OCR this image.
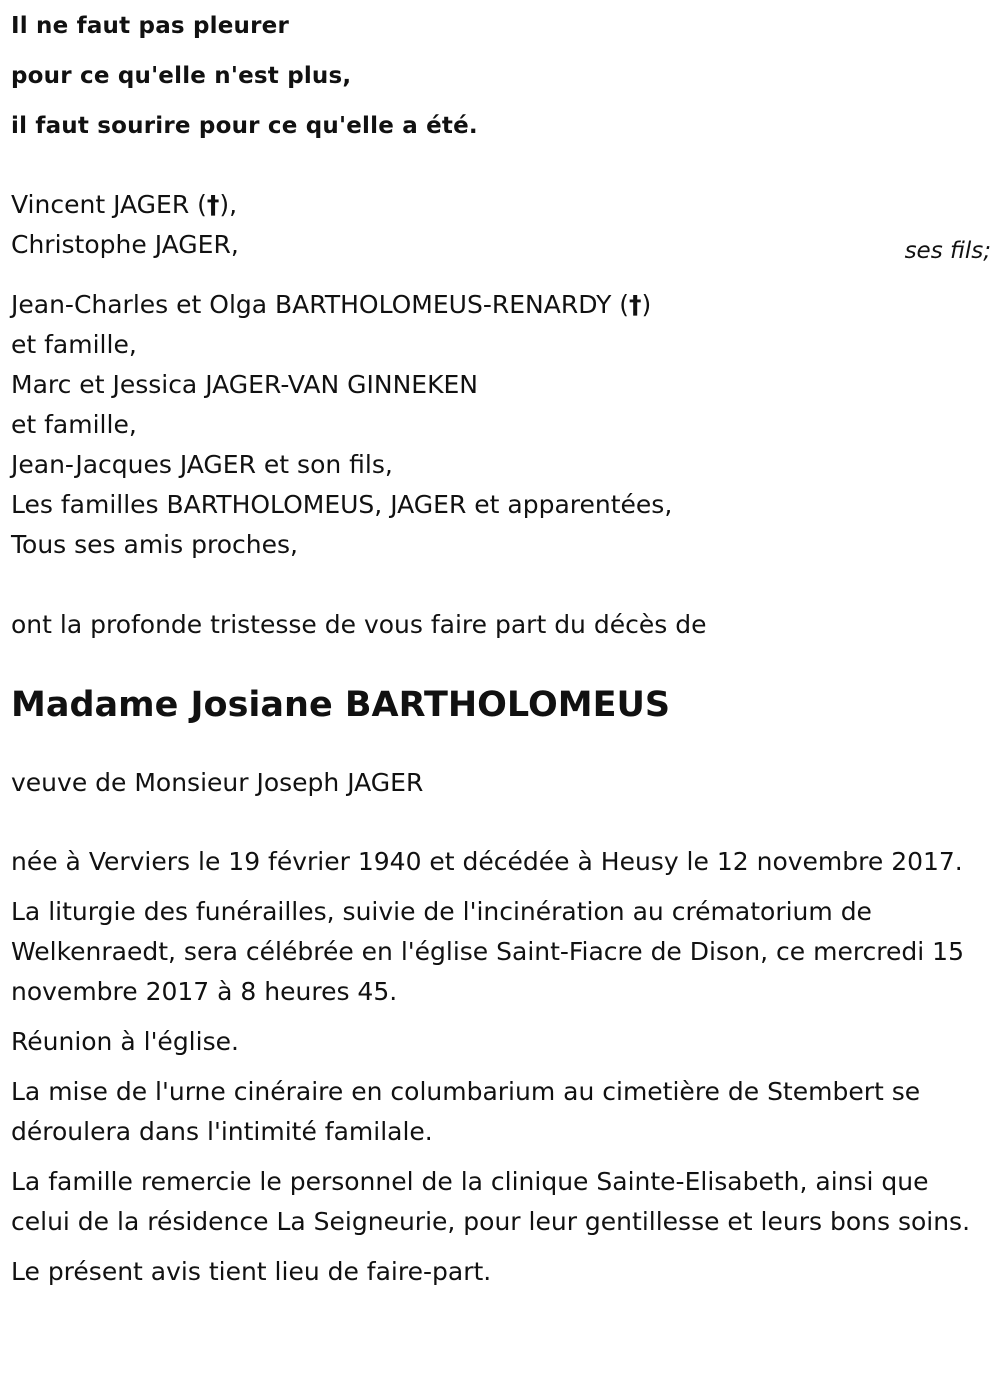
Il ne faut pas pleurer

pour ce qu'elle n'est plus,

il faut sourire pour ce qu'elle a été.

Vincent JAGER (†),

Christophe JAGER,	ses fils;

Jean-Charles et Olga BARTHOLOMEUS-RENARDY (†)

et famille,

Marc et Jessica JAGER-VAN GINNEKEN

et famille,

Jean-Jacques JAGER et son fils,

Les familles BARTHOLOMEUS, JAGER et apparentées,

Tous ses amis proches,

ont la profonde tristesse de vous faire part du décès de

Madame Josiane BARTHOLOMEUS

veuve de Monsieur Joseph JAGER

née à Verviers le 19 février 1940 et décédée à Heusy le 12 novembre 2017.

La liturgie des funérailles, suivie de l'incinération au crématorium de Welkenraedt, sera célébrée en l'église Saint-Fiacre de Dison, ce mercredi 15 novembre 2017 à 8 heures 45.

Réunion à l'église.

La mise de l'urne cinéraire en columbarium au cimetière de Stembert se déroulera dans l'intimité familale.

La famille remercie le personnel de la clinique Sainte-Elisabeth, ainsi que celui de la résidence La Seigneurie, pour leur gentillesse et leurs bons soins.

Le présent avis tient lieu de faire-part.
